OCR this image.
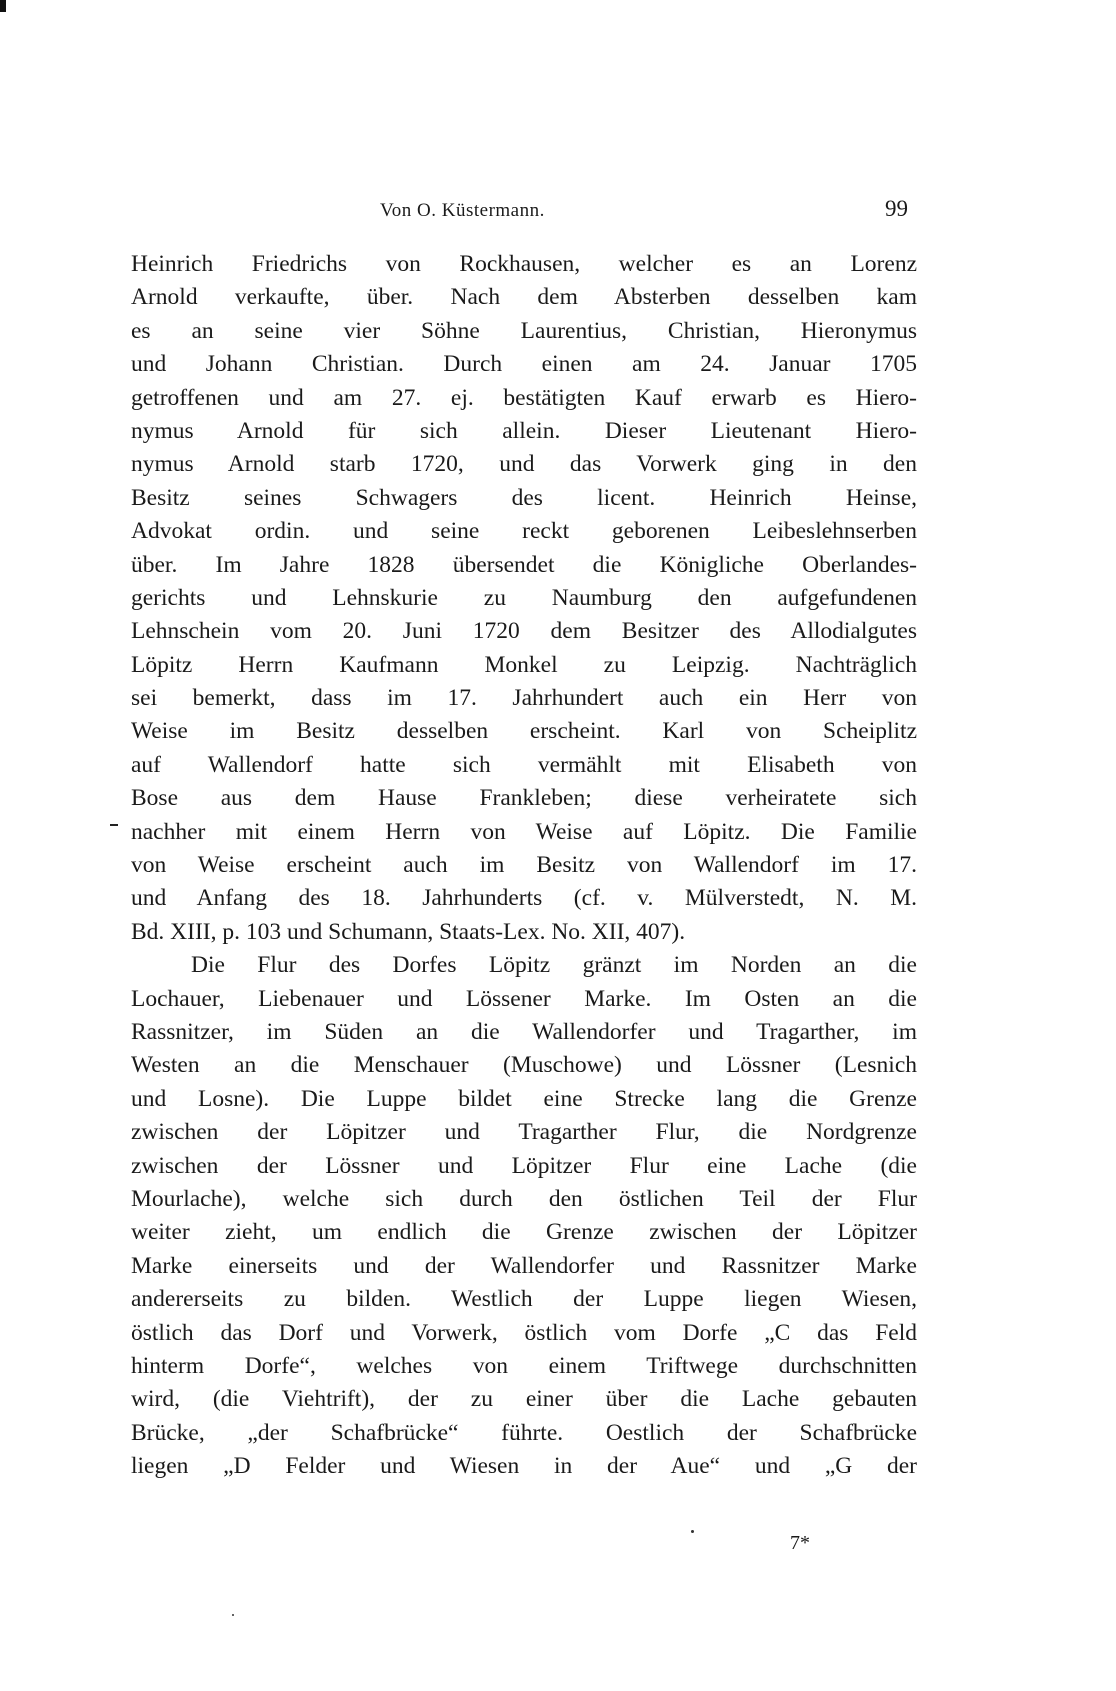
Von O. Küstermann.	99
Heinrich Friedrichs von Rockhausen, welcher es an Lorenz
Arnold verkaufte, über. Nach dem Absterben desselben kam
es an seine vier Söhne Laurentius, Christian, Hieronymus
und Johann Christian. Durch einen am 24. Januar 1705
getroffenen und am 27. ej. bestätigten Kauf erwarb es Hiero-
nymus Arnold für sich allein. Dieser Lieutenant Hiero-
nymus Arnold starb 1720, und das Vorwerk ging in den
Besitz seines Schwagers des licent. Heinrich Heinse,
Advokat ordin. und seine reckt geborenen Leibeslehnserben
über. Im Jahre 1828 übersendet die Königliche Oberlandes-
gerichts und Lehnskurie zu Naumburg den aufgefundenen
Lehnschein vom 20. Juni 1720 dem Besitzer des Allodialgutes
Löpitz Herrn Kaufmann Monkel zu Leipzig. Nachträglich
sei bemerkt, dass im 17. Jahrhundert auch ein Herr von
Weise im Besitz desselben erscheint. Karl von Scheiplitz
auf Wallendorf hatte sich vermählt mit Elisabeth von
Bose aus dem Hause Frankleben; diese verheiratete sich
nachher mit einem Herrn von Weise auf Löpitz. Die Familie
von Weise erscheint auch im Besitz von Wallendorf im 17.
und Anfang des 18. Jahrhunderts (cf. v. Mülverstedt, N. M.
Bd. XIII, p. 103 und Schumann, Staats-Lex. No. XII, 407).
Die Flur des Dorfes Löpitz gränzt im Norden an die
Lochauer, Liebenauer und Lössener Marke. Im Osten an die
Rassnitzer, im Süden an die Wallendorfer und Tragarther, im
Westen an die Menschauer (Muschowe) und Lössner (Lesnich
und Losne). Die Luppe bildet eine Strecke lang die Grenze
zwischen der Löpitzer und Tragarther Flur, die Nordgrenze
zwischen der Lössner und Löpitzer Flur eine Lache (die
Mourlache), welche sich durch den östlichen Teil der Flur
weiter zieht, um endlich die Grenze zwischen der Löpitzer
Marke einerseits und der Wallendorfer und Rassnitzer Marke
andererseits zu bilden. Westlich der Luppe liegen Wiesen,
östlich das Dorf und Vorwerk, östlich vom Dorfe „C das Feld
hinterm Dorfe“, welches von einem Triftwege durchschnitten
wird, (die Viehtrift), der zu einer über die Lache gebauten
Brücke, „der Schafbrücke“ führte. Oestlich der Schafbrücke
liegen „D Felder und Wiesen in der Aue“ und „G der
7*
